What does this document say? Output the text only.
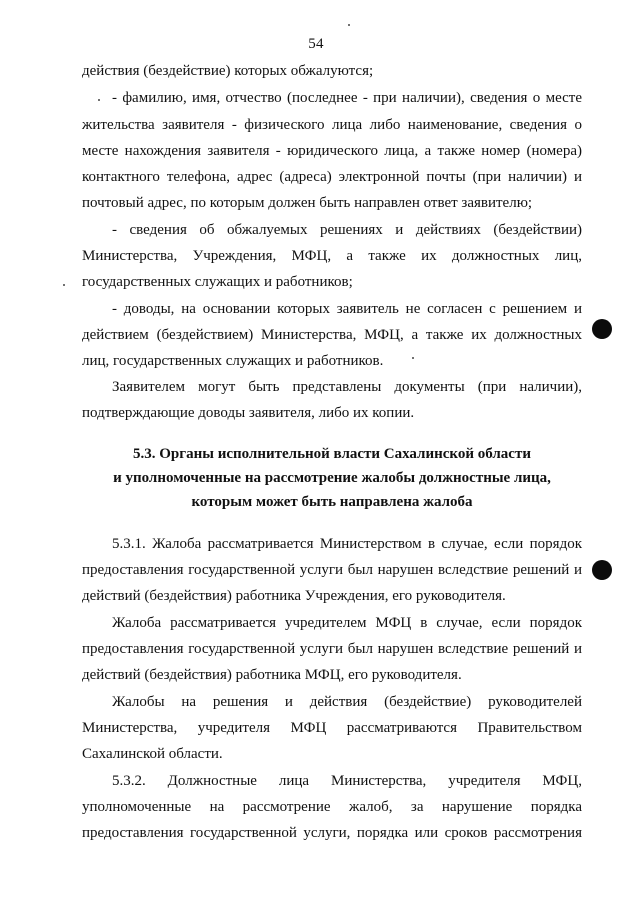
54
действия (бездействие) которых обжалуются;
- фамилию, имя, отчество (последнее - при наличии), сведения о месте
жительства заявителя - физического лица либо наименование, сведения о
месте нахождения заявителя - юридического лица, а также номер (номера)
контактного телефона, адрес (адреса) электронной почты (при наличии) и
почтовый адрес, по которым должен быть направлен ответ заявителю;
- сведения об обжалуемых решениях и действиях (бездействии)
Министерства, Учреждения, МФЦ, а также их должностных лиц,
государственных служащих и работников;
- доводы, на основании которых заявитель не согласен с решением и
действием (бездействием) Министерства, МФЦ, а также их должностных
лиц, государственных служащих и работников.
Заявителем могут быть представлены документы (при наличии),
подтверждающие доводы заявителя, либо их копии.
5.3. Органы исполнительной власти Сахалинской области
и уполномоченные на рассмотрение жалобы должностные лица,
которым может быть направлена жалоба
5.3.1. Жалоба рассматривается Министерством в случае, если порядок
предоставления государственной услуги был нарушен вследствие решений и
действий (бездействия) работника Учреждения, его руководителя.
Жалоба рассматривается учредителем МФЦ в случае, если порядок
предоставления государственной услуги был нарушен вследствие решений и
действий (бездействия) работника МФЦ, его руководителя.
Жалобы на решения и действия (бездействие) руководителей
Министерства, учредителя МФЦ рассматриваются Правительством
Сахалинской области.
5.3.2. Должностные лица Министерства, учредителя МФЦ,
уполномоченные на рассмотрение жалоб, за нарушение порядка
предоставления государственной услуги, порядка или сроков рассмотрения
